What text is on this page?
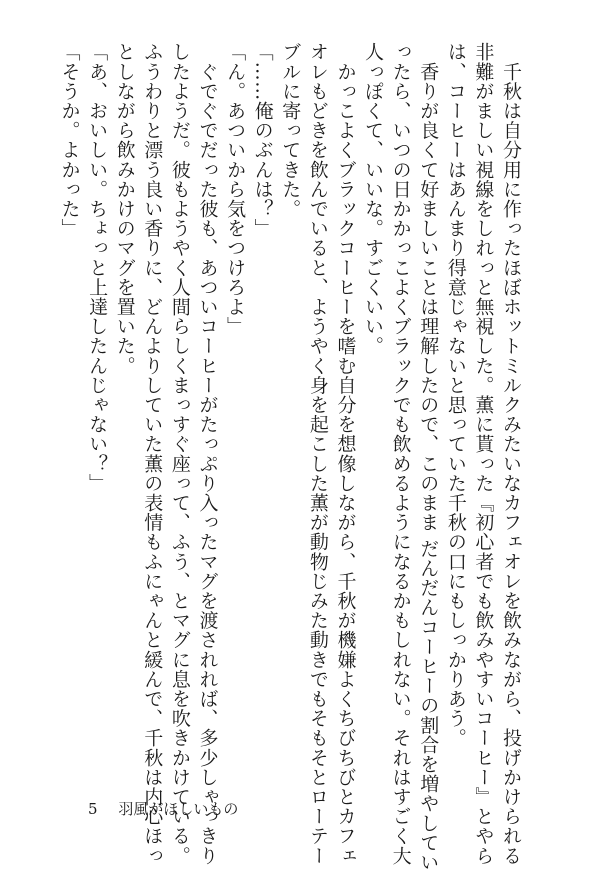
　千秋は自分用に作ったほぼホットミルクみたいなカフェオレを飲みながら、投げかけられる

非難がましい視線をしれっと無視した。薫に貰った『初心者でも飲みやすいコーヒー』とやら

は、コーヒーはあんまり得意じゃないと思っていた千秋の口にもしっかりあう。

　香りが良くて好ましいことは理解したので、このまま だんだんコーヒーの割合を増やしてい

ったら、いつの日かかっこよくブラックでも飲めるようになるかもしれない。それはすごく大

人っぽくて、いいな。すごくいい。

　かっこよくブラックコーヒーを嗜む自分を想像しながら、千秋が機嫌よくちびちびとカフェ

オレもどきを飲んでいると、ようやく身を起こした薫が動物じみた動きでもそもそとローテー

ブルに寄ってきた。

「……俺のぶんは？」

「ん。あついから気をつけろよ」

　ぐでぐでだった彼も、あついコーヒーがたっぷり入ったマグを渡されれば、多少しゃっきり

したようだ。彼もようやく人間らしくまっすぐ座って、ふう、とマグに息を吹きかけている。

ふうわりと漂う良い香りに、どんよりしていた薫の表情もふにゃんと緩んで、千秋は内心ほっ

としながら飲みかけのマグを置いた。

「あ、おいしい。ちょっと上達したんじゃない？」

「そうか。よかった」

5 羽風がほしいもの
